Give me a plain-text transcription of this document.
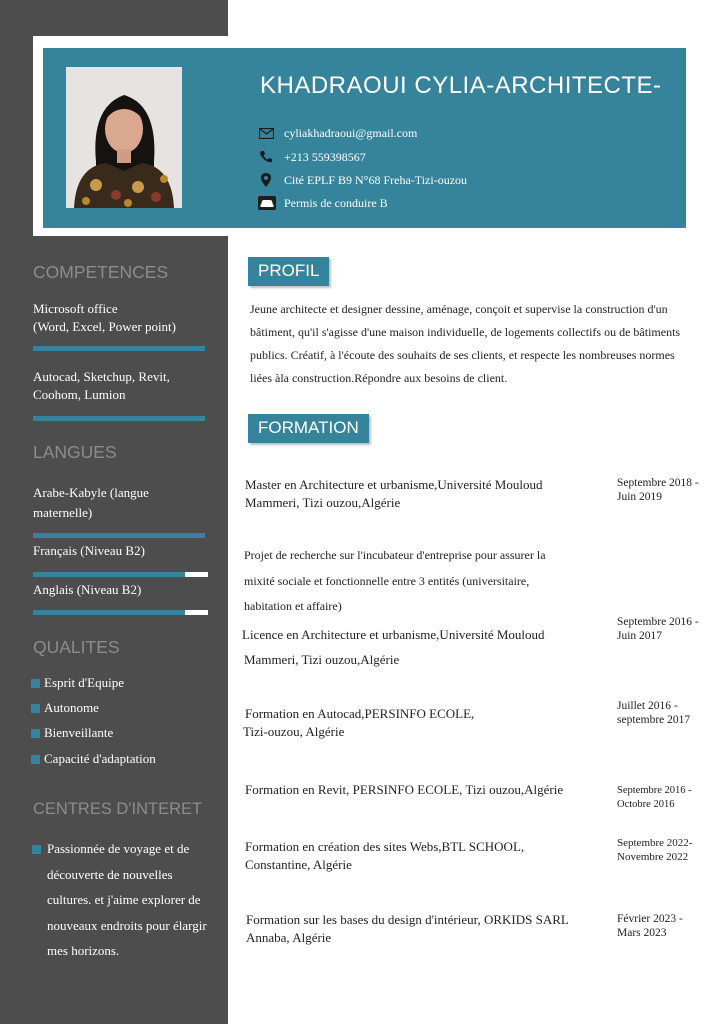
KHADRAOUI CYLIA-ARCHITECTE-
cyliakhadraoui@gmail.com
+213 559398567
Cité EPLF B9 N°68 Freha-Tizi-ouzou
Permis de conduire B
COMPETENCES
Microsoft office
(Word, Excel, Power point)
Autocad, Sketchup, Revit,
Coohom, Lumion
LANGUES
Arabe-Kabyle (langue
maternelle)
Français (Niveau B2)
Anglais (Niveau B2)
QUALITES
Esprit d'Equipe
Autonome
Bienveillante
Capacité d'adaptation
CENTRES D'INTERET
Passionnée de voyage et de découverte de nouvelles cultures. et j'aime explorer de nouveaux endroits pour élargir mes horizons.
PROFIL
Jeune architecte et designer dessine, aménage, conçoit et supervise la construction d'un bâtiment, qu'il s'agisse d'une maison individuelle, de logements collectifs ou de bâtiments publics. Créatif, à l'écoute des souhaits de ses clients, et respecte les nombreuses normes liées àla construction.Répondre aux besoins de client.
FORMATION
Master en Architecture et urbanisme,Université Mouloud
Mammeri, Tizi ouzou,Algérie
Septembre 2018 -
Juin 2019
Projet de recherche sur l'incubateur d'entreprise pour assurer la
mixité sociale et fonctionnelle entre 3 entités (universitaire,
habitation et affaire)
Licence en Architecture et urbanisme,Université Mouloud
Mammeri, Tizi ouzou,Algérie
Septembre 2016 -
Juin 2017
Formation en Autocad,PERSINFO ECOLE,
Tizi-ouzou, Algérie
Juillet 2016 -
septembre 2017
Formation en Revit, PERSINFO ECOLE, Tizi ouzou,Algérie	Septembre 2016 -
Octobre 2016
Formation en création des sites Webs,BTL SCHOOL,
Constantine, Algérie
Septembre 2022-
Novembre 2022
Formation sur les bases du design d'intérieur, ORKIDS SARL
Annaba, Algérie
Février 2023 -
Mars 2023
